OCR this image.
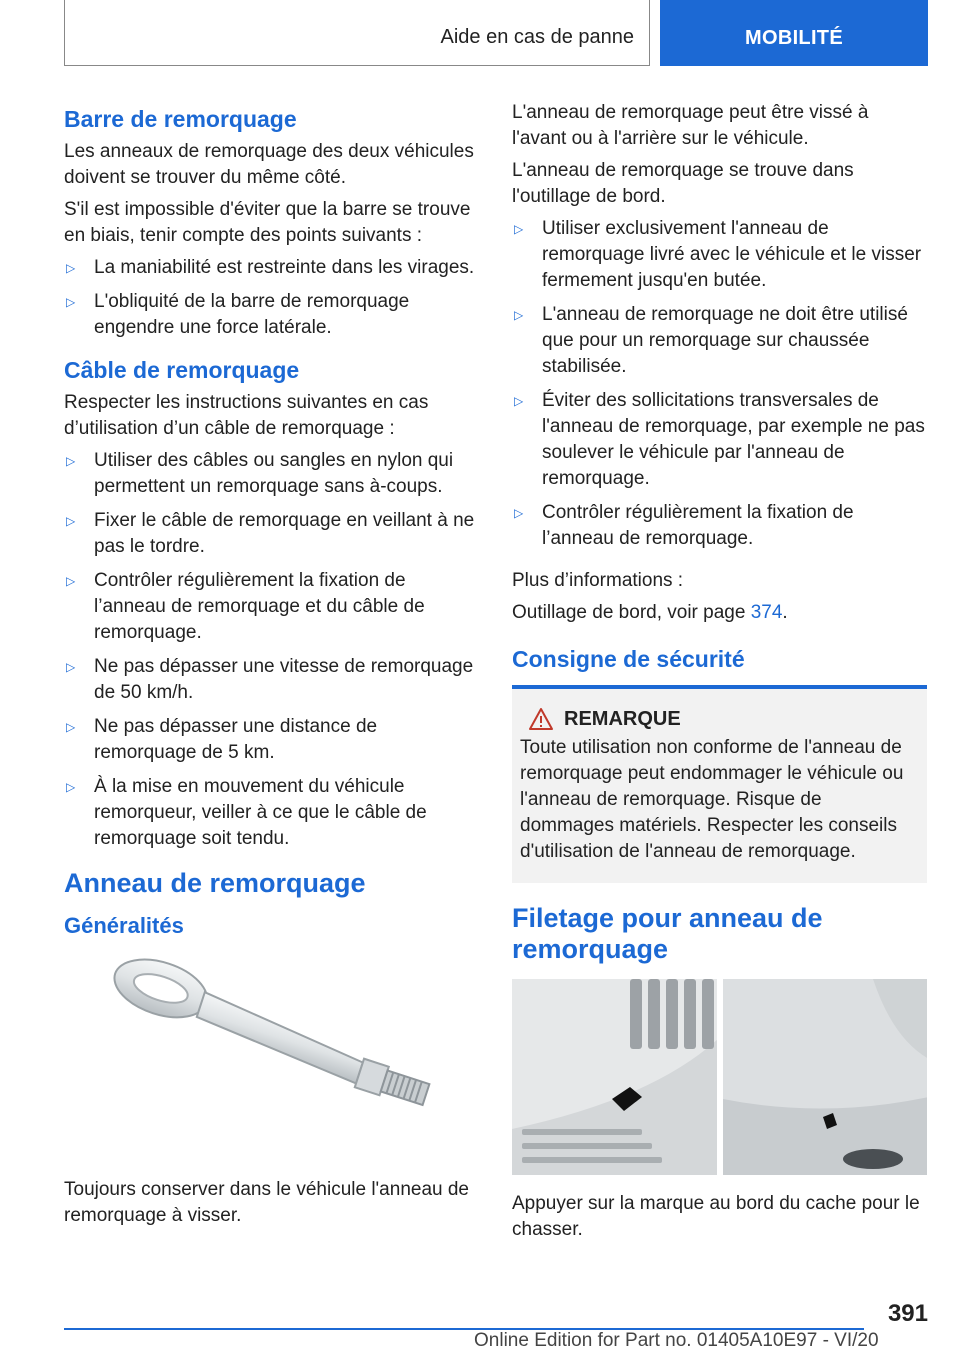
Aide en cas de panne	MOBILITÉ
Barre de remorquage

Les anneaux de remorquage des deux véhicules doivent se trouver du même côté.

S'il est impossible d'éviter que la barre se trouve en biais, tenir compte des points suivants :

▷ La maniabilité est restreinte dans les virages.
▷ L'obliquité de la barre de remorquage engendre une force latérale.
Câble de remorquage

Respecter les instructions suivantes en cas d’utilisation d’un câble de remorquage :

▷ Utiliser des câbles ou sangles en nylon qui permettent un remorquage sans à-coups.
▷ Fixer le câble de remorquage en veillant à ne pas le tordre.
▷ Contrôler régulièrement la fixation de l’anneau de remorquage et du câble de remorquage.
▷ Ne pas dépasser une vitesse de remorquage de 50 km/h.
▷ Ne pas dépasser une distance de remorquage de 5 km.
▷ À la mise en mouvement du véhicule remorqueur, veiller à ce que le câble de remorquage soit tendu.
Anneau de remorquage
Généralités

Toujours conserver dans le véhicule l'anneau de remorquage à visser.

L'anneau de remorquage peut être vissé à l'avant ou à l'arrière sur le véhicule.

L'anneau de remorquage se trouve dans l'outillage de bord.

▷ Utiliser exclusivement l'anneau de remorquage livré avec le véhicule et le visser fermement jusqu'en butée.
▷ L'anneau de remorquage ne doit être utilisé que pour un remorquage sur chaussée stabilisée.
▷ Éviter des sollicitations transversales de l'anneau de remorquage, par exemple ne pas soulever le véhicule par l'anneau de remorquage.
▷ Contrôler régulièrement la fixation de l’anneau de remorquage.

Plus d’informations :

Outillage de bord, voir page 374.

Consigne de sécurité
REMARQUE

Toute utilisation non conforme de l'anneau de remorquage peut endommager le véhicule ou l'anneau de remorquage. Risque de dommages matériels. Respecter les conseils d'utilisation de l'anneau de remorquage.

Filetage pour anneau de remorquage

Appuyer sur la marque au bord du cache pour le chasser.

391
Online Edition for Part no. 01405A10E97 - VI/20
